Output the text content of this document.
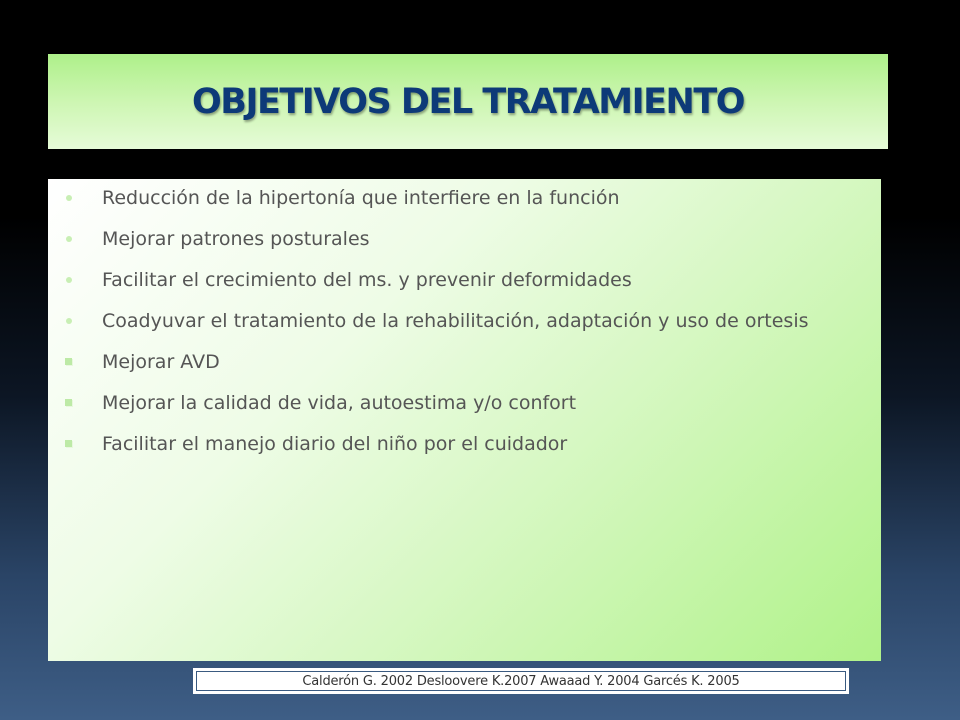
OBJETIVOS DEL TRATAMIENTO
Reducción de la hipertonía que interfiere en la función
Mejorar patrones posturales
Facilitar el crecimiento del ms. y prevenir deformidades
Coadyuvar el tratamiento de la rehabilitación, adaptación y uso de ortesis
Mejorar AVD
Mejorar la calidad de vida, autoestima y/o confort
Facilitar el manejo diario del niño por el cuidador
Calderón G. 2002 Desloovere K.2007 Awaaad Y. 2004 Garcés K. 2005
